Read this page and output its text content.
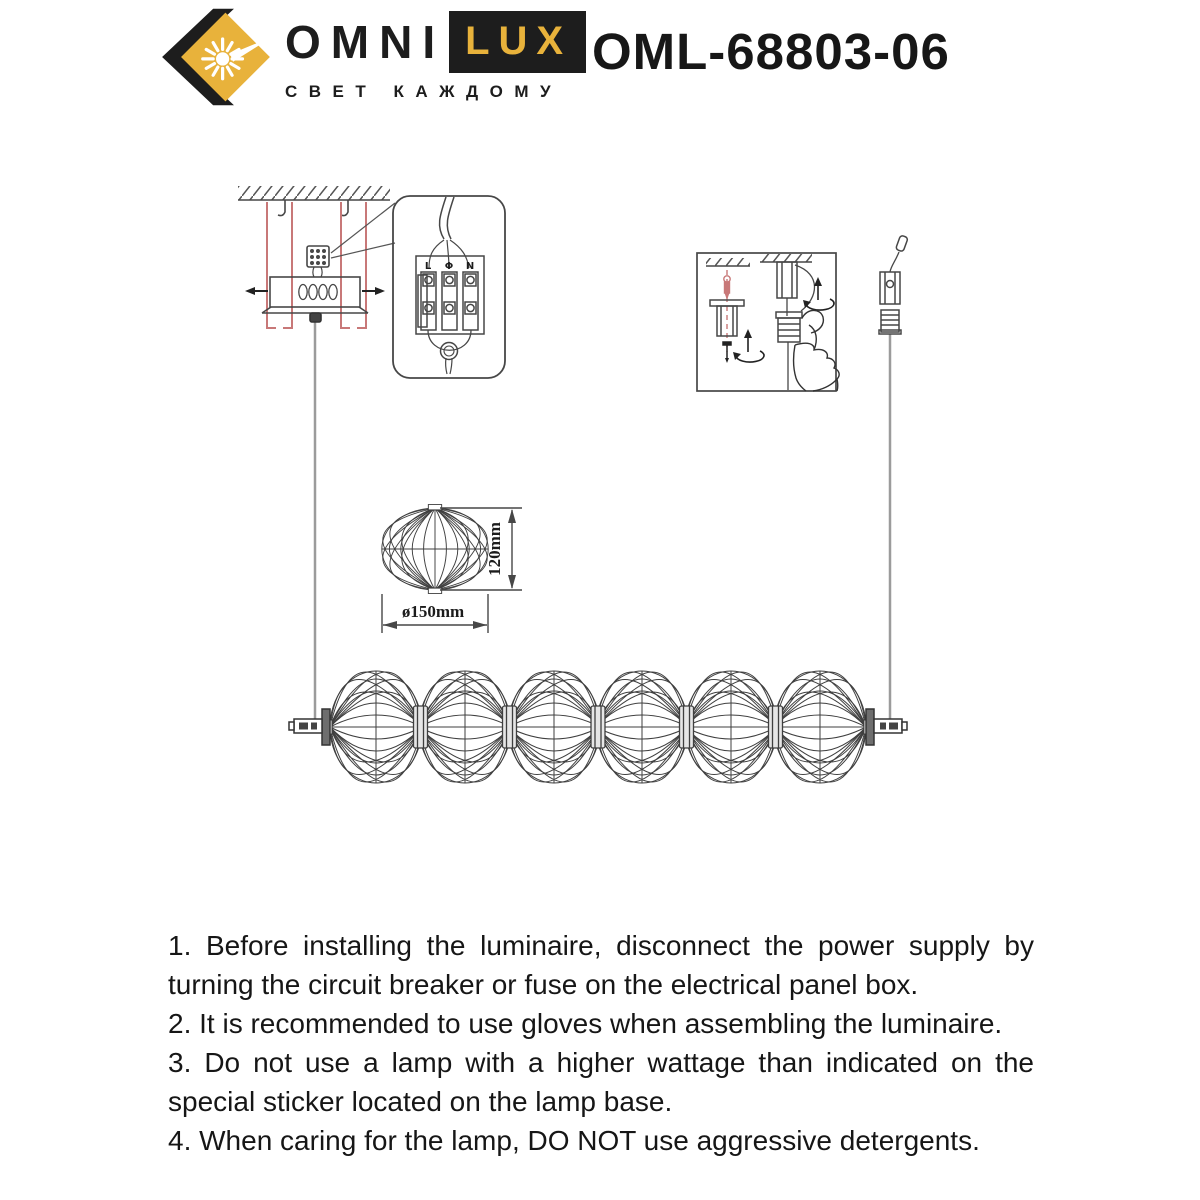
OMNI LUX
СВЕТ КАЖДОМУ
OML-68803-06
L Φ N
120mm
ø150mm

1. Before installing the luminaire, disconnect the power supply by turning the circuit breaker or fuse on the electrical panel box.

2. It is recommended to use gloves when assembling the luminaire.

3. Do not use a lamp with a higher wattage than indicated on the special sticker located on the lamp base.

4. When caring for the lamp, DO NOT use aggressive detergents.
